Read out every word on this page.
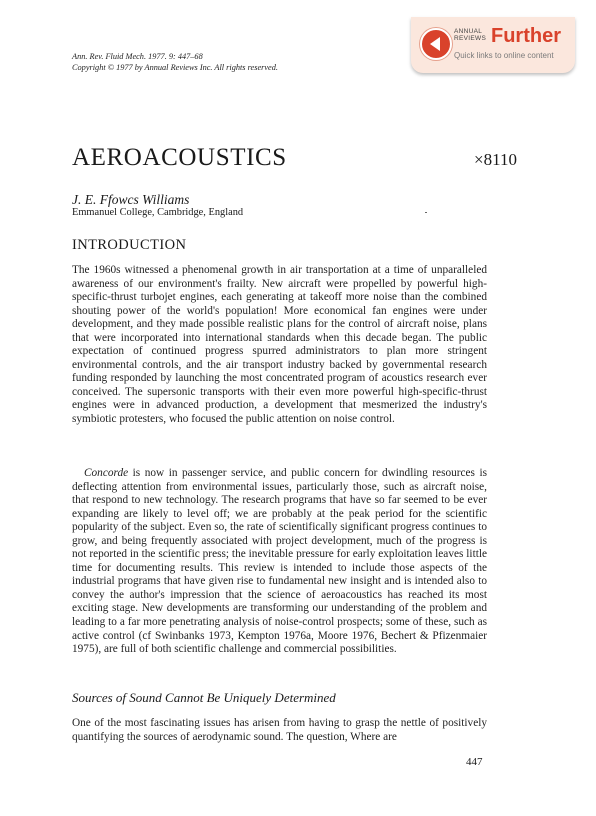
Ann. Rev. Fluid Mech. 1977. 9: 447–68
Copyright © 1977 by Annual Reviews Inc. All rights reserved.
ANNUAL
REVIEWS Further
Quick links to online content
AEROACOUSTICS	×8110
J. E. Ffowcs Williams
Emmanuel College, Cambridge, England
INTRODUCTION

The 1960s witnessed a phenomenal growth in air transportation at a time of unparalleled awareness of our environment's frailty. New aircraft were propelled by powerful high-specific-thrust turbojet engines, each generating at takeoff more noise than the combined shouting power of the world's population! More economical fan engines were under development, and they made possible realistic plans for the control of aircraft noise, plans that were incorporated into international standards when this decade began. The public expectation of continued progress spurred administrators to plan more stringent environmental controls, and the air transport industry backed by governmental research funding responded by launching the most concentrated program of acoustics research ever conceived. The supersonic transports with their even more powerful high-specific-thrust engines were in advanced production, a development that mesmerized the industry's symbiotic protesters, who focused the public attention on noise control.

Concorde is now in passenger service, and public concern for dwindling resources is deflecting attention from environmental issues, particularly those, such as aircraft noise, that respond to new technology. The research programs that have so far seemed to be ever expanding are likely to level off; we are probably at the peak period for the scientific popularity of the subject. Even so, the rate of scientifically significant progress continues to grow, and being frequently associated with project development, much of the progress is not reported in the scientific press; the inevitable pressure for early exploitation leaves little time for documenting results. This review is intended to include those aspects of the industrial programs that have given rise to fundamental new insight and is intended also to convey the author's impression that the science of aeroacoustics has reached its most exciting stage. New developments are transforming our understanding of the problem and leading to a far more penetrating analysis of noise-control prospects; some of these, such as active control (cf Swinbanks 1973, Kempton 1976a, Moore 1976, Bechert & Pfizenmaier 1975), are full of both scientific challenge and commercial possibilities.

Sources of Sound Cannot Be Uniquely Determined

One of the most fascinating issues has arisen from having to grasp the nettle of positively quantifying the sources of aerodynamic sound. The question, Where are

447
